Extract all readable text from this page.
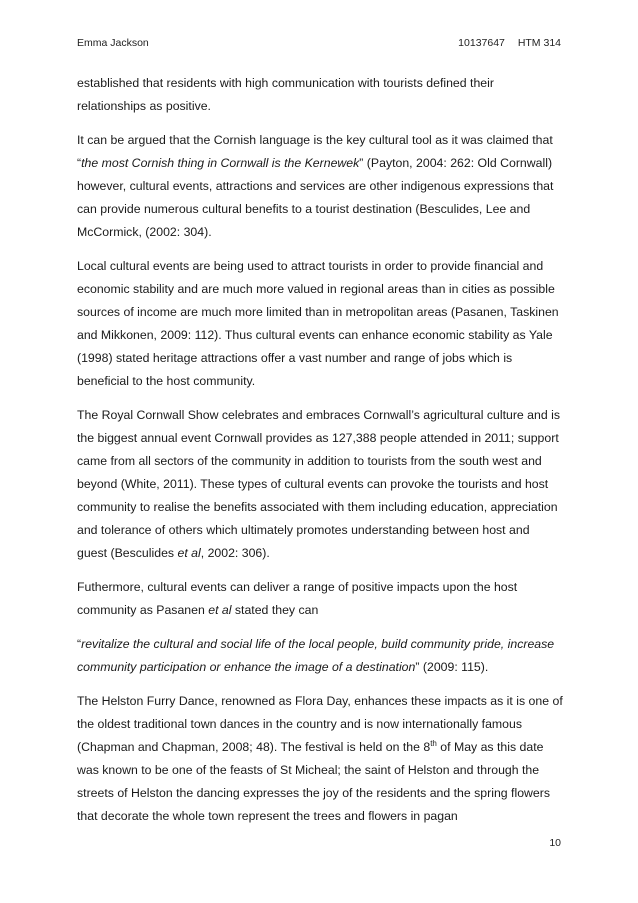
Emma Jackson	10137647 HTM 314

established that residents with high communication with tourists defined their relationships as positive.

It can be argued that the Cornish language is the key cultural tool as it was claimed that “the most Cornish thing in Cornwall is the Kernewek” (Payton, 2004: 262: Old Cornwall) however, cultural events, attractions and services are other indigenous expressions that can provide numerous cultural benefits to a tourist destination (Besculides, Lee and McCormick, (2002: 304).

Local cultural events are being used to attract tourists in order to provide financial and economic stability and are much more valued in regional areas than in cities as possible sources of income are much more limited than in metropolitan areas (Pasanen, Taskinen and Mikkonen, 2009: 112). Thus cultural events can enhance economic stability as Yale (1998) stated heritage attractions offer a vast number and range of jobs which is beneficial to the host community.

The Royal Cornwall Show celebrates and embraces Cornwall’s agricultural culture and is the biggest annual event Cornwall provides as 127,388 people attended in 2011; support came from all sectors of the community in addition to tourists from the south west and beyond (White, 2011). These types of cultural events can provoke the tourists and host community to realise the benefits associated with them including education, appreciation and tolerance of others which ultimately promotes understanding between host and guest (Besculides et al, 2002: 306).

Futhermore, cultural events can deliver a range of positive impacts upon the host community as Pasanen et al stated they can

“revitalize the cultural and social life of the local people, build community pride, increase community participation or enhance the image of a destination” (2009: 115).

The Helston Furry Dance, renowned as Flora Day, enhances these impacts as it is one of the oldest traditional town dances in the country and is now internationally famous (Chapman and Chapman, 2008; 48). The festival is held on the 8th of May as this date was known to be one of the feasts of St Micheal; the saint of Helston and through the streets of Helston the dancing expresses the joy of the residents and the spring flowers that decorate the whole town represent the trees and flowers in pagan

10
